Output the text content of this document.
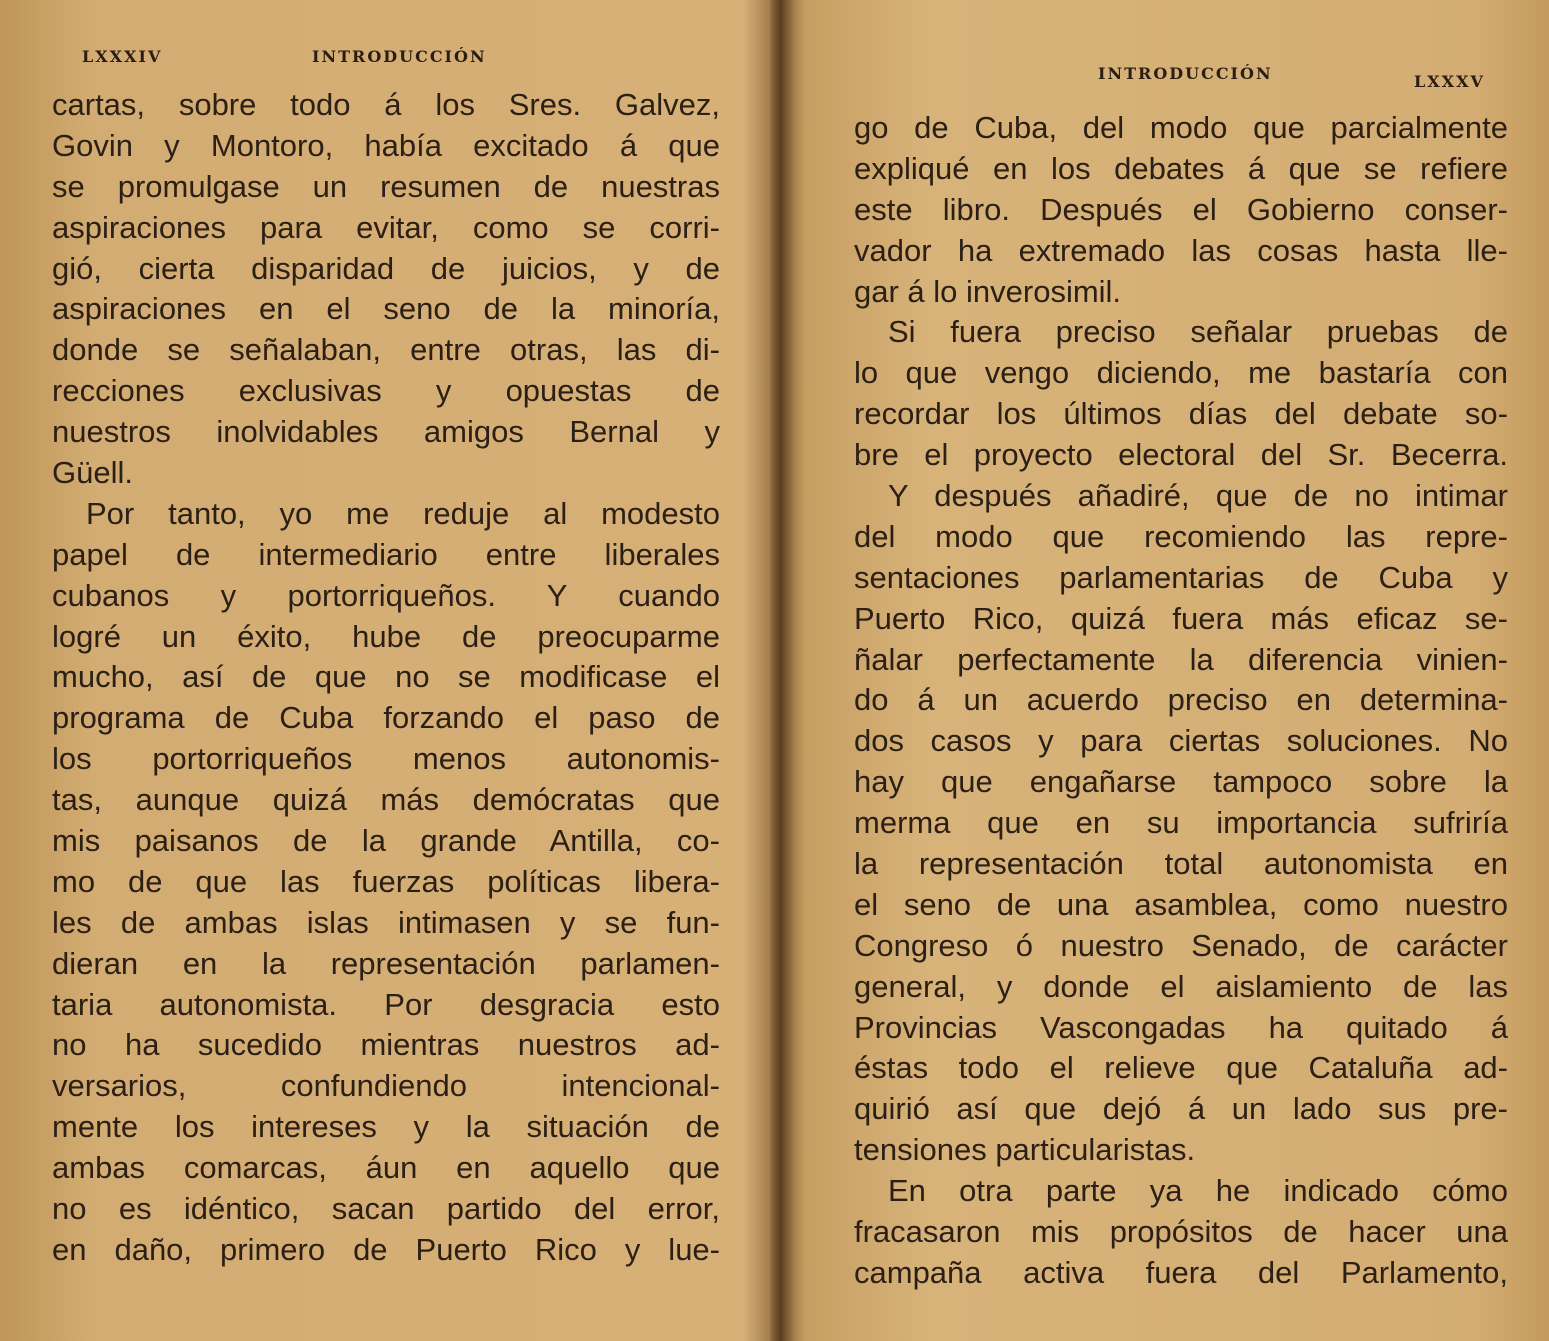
LXXXIV	INTRODUCCIÓN
cartas, sobre todo á los Sres. Galvez,
Govin y Montoro, había excitado á que
se promulgase un resumen de nuestras
aspiraciones para evitar, como se corri-
gió, cierta disparidad de juicios, y de
aspiraciones en el seno de la minoría,
donde se señalaban, entre otras, las di-
recciones exclusivas y opuestas de
nuestros inolvidables amigos Bernal y
Güell.
Por tanto, yo me reduje al modesto
papel de intermediario entre liberales
cubanos y portorriqueños. Y cuando
logré un éxito, hube de preocuparme
mucho, así de que no se modificase el
programa de Cuba forzando el paso de
los portorriqueños menos autonomis-
tas, aunque quizá más demócratas que
mis paisanos de la grande Antilla, co-
mo de que las fuerzas políticas libera-
les de ambas islas intimasen y se fun-
dieran en la representación parlamen-
taria autonomista. Por desgracia esto
no ha sucedido mientras nuestros ad-
versarios, confundiendo intencional-
mente los intereses y la situación de
ambas comarcas, áun en aquello que
no es idéntico, sacan partido del error,
en daño, primero de Puerto Rico y lue-
INTRODUCCIÓN	LXXXV
go de Cuba, del modo que parcialmente
expliqué en los debates á que se refiere
este libro. Después el Gobierno conser-
vador ha extremado las cosas hasta lle-
gar á lo inverosimil.
Si fuera preciso señalar pruebas de
lo que vengo diciendo, me bastaría con
recordar los últimos días del debate so-
bre el proyecto electoral del Sr. Becerra.
Y después añadiré, que de no intimar
del modo que recomiendo las repre-
sentaciones parlamentarias de Cuba y
Puerto Rico, quizá fuera más eficaz se-
ñalar perfectamente la diferencia vinien-
do á un acuerdo preciso en determina-
dos casos y para ciertas soluciones. No
hay que engañarse tampoco sobre la
merma que en su importancia sufriría
la representación total autonomista en
el seno de una asamblea, como nuestro
Congreso ó nuestro Senado, de carácter
general, y donde el aislamiento de las
Provincias Vascongadas ha quitado á
éstas todo el relieve que Cataluña ad-
quirió así que dejó á un lado sus pre-
tensiones particularistas.
En otra parte ya he indicado cómo
fracasaron mis propósitos de hacer una
campaña activa fuera del Parlamento,
